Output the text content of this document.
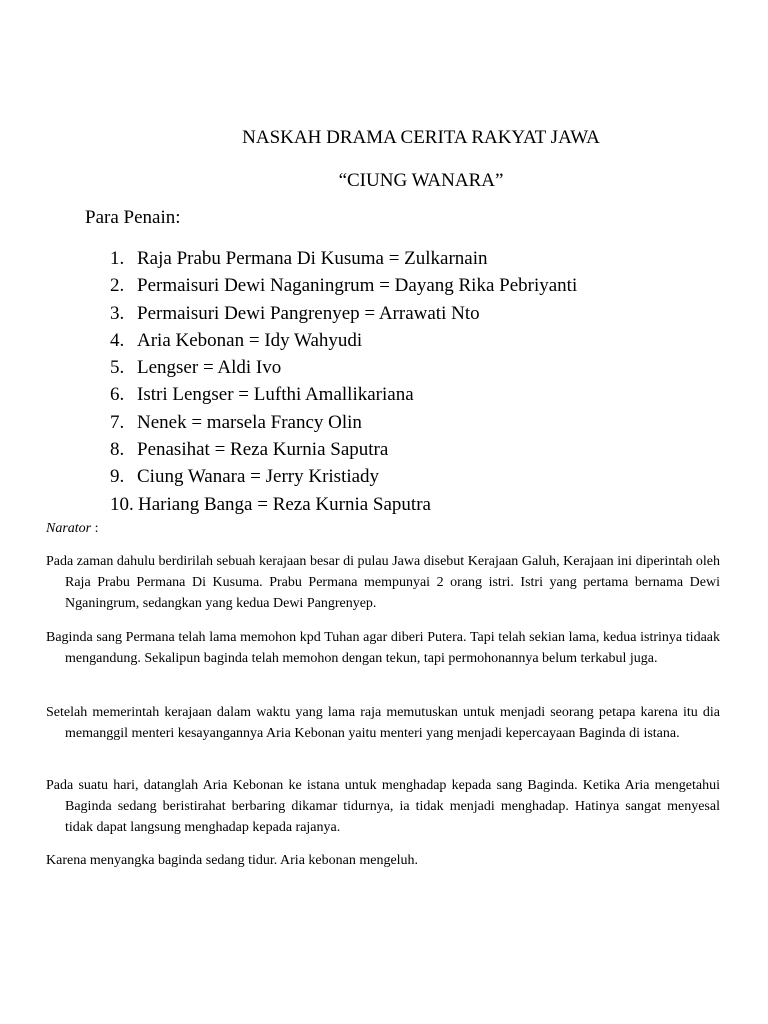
NASKAH DRAMA CERITA RAKYAT JAWA
“CIUNG WANARA”
Para Penain:
1. Raja Prabu Permana Di Kusuma = Zulkarnain
2. Permaisuri Dewi Naganingrum = Dayang Rika Pebriyanti
3. Permaisuri Dewi Pangrenyep = Arrawati Nto
4. Aria Kebonan = Idy Wahyudi
5. Lengser = Aldi Ivo
6. Istri Lengser = Lufthi Amallikariana
7. Nenek = marsela Francy Olin
8. Penasihat = Reza Kurnia Saputra
9. Ciung Wanara = Jerry Kristiady
10. Hariang Banga = Reza Kurnia Saputra
Narator :

Pada zaman dahulu berdirilah sebuah kerajaan besar di pulau Jawa disebut Kerajaan Galuh, Kerajaan ini diperintah oleh Raja Prabu Permana Di Kusuma. Prabu Permana mempunyai 2 orang istri. Istri yang pertama bernama Dewi Nganingrum, sedangkan yang kedua Dewi Pangrenyep.

Baginda sang Permana telah lama memohon kpd Tuhan agar diberi Putera. Tapi telah sekian lama, kedua istrinya tidaak mengandung. Sekalipun baginda telah memohon dengan tekun, tapi permohonannya belum terkabul juga.

Setelah memerintah kerajaan dalam waktu yang lama raja memutuskan untuk menjadi seorang petapa karena itu dia memanggil menteri kesayangannya Aria Kebonan yaitu menteri yang menjadi kepercayaan Baginda di istana.

Pada suatu hari, datanglah Aria Kebonan ke istana untuk menghadap kepada sang Baginda. Ketika Aria mengetahui Baginda sedang beristirahat berbaring dikamar tidurnya, ia tidak menjadi menghadap. Hatinya sangat menyesal tidak dapat langsung menghadap kepada rajanya.

Karena menyangka baginda sedang tidur. Aria kebonan mengeluh.
